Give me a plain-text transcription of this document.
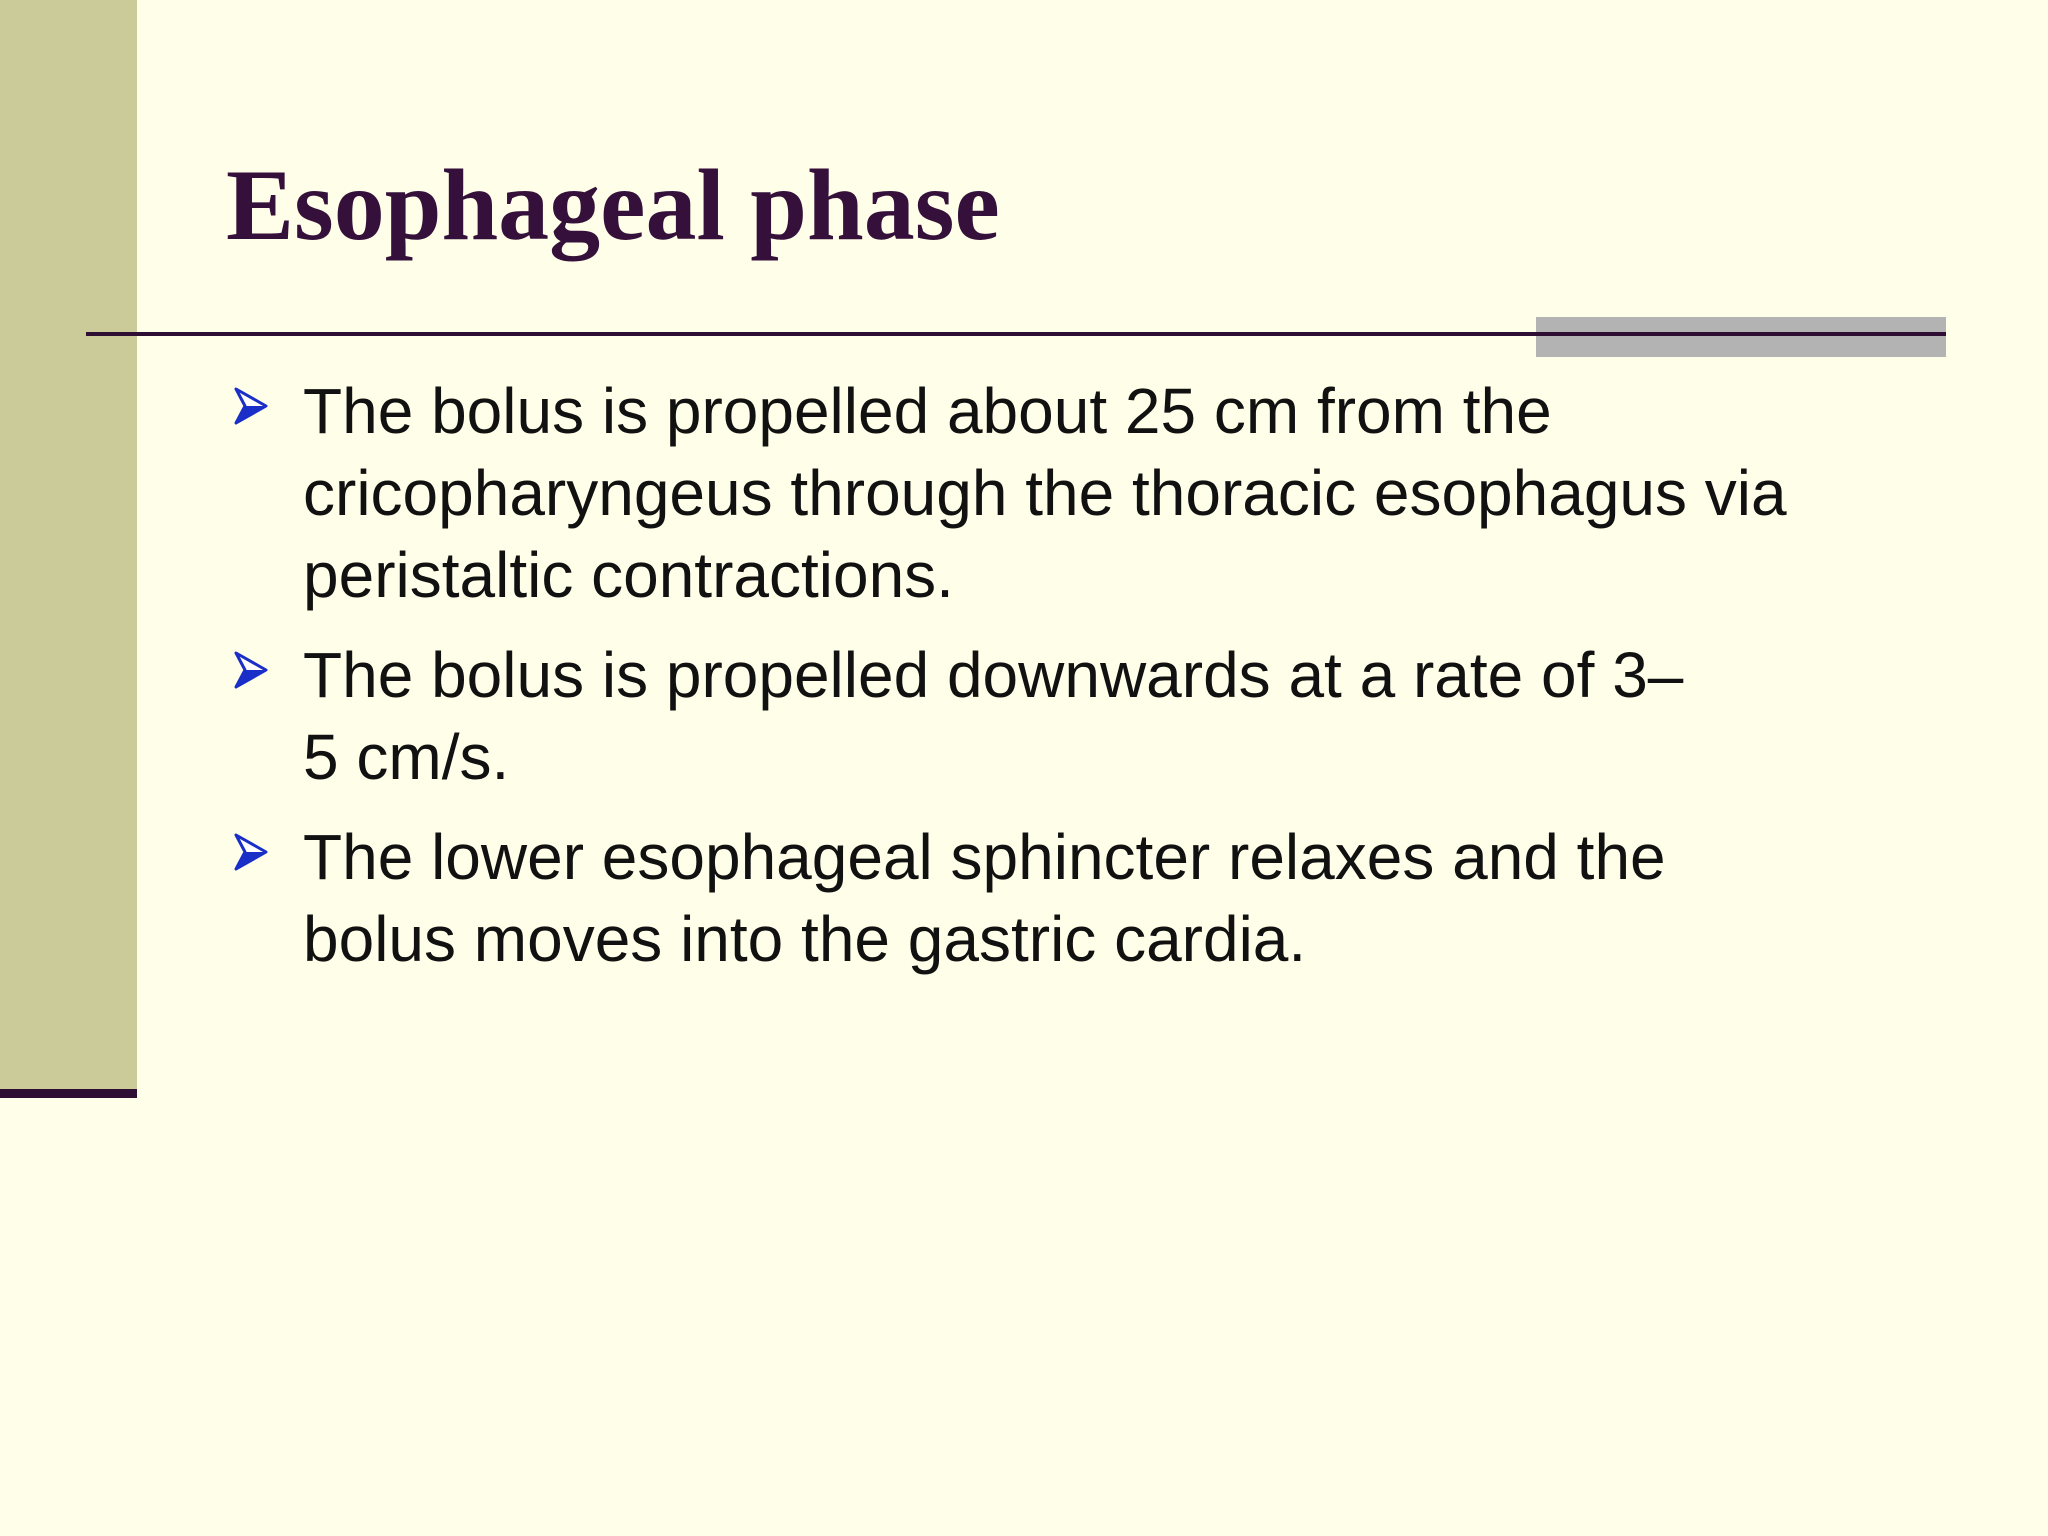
Esophageal phase
The bolus is propelled about 25 cm from the
cricopharyngeus through the thoracic esophagus via
peristaltic contractions.
The bolus is propelled downwards at a rate of 3–
5 cm/s.
The lower esophageal sphincter relaxes and the
bolus moves into the gastric cardia.
